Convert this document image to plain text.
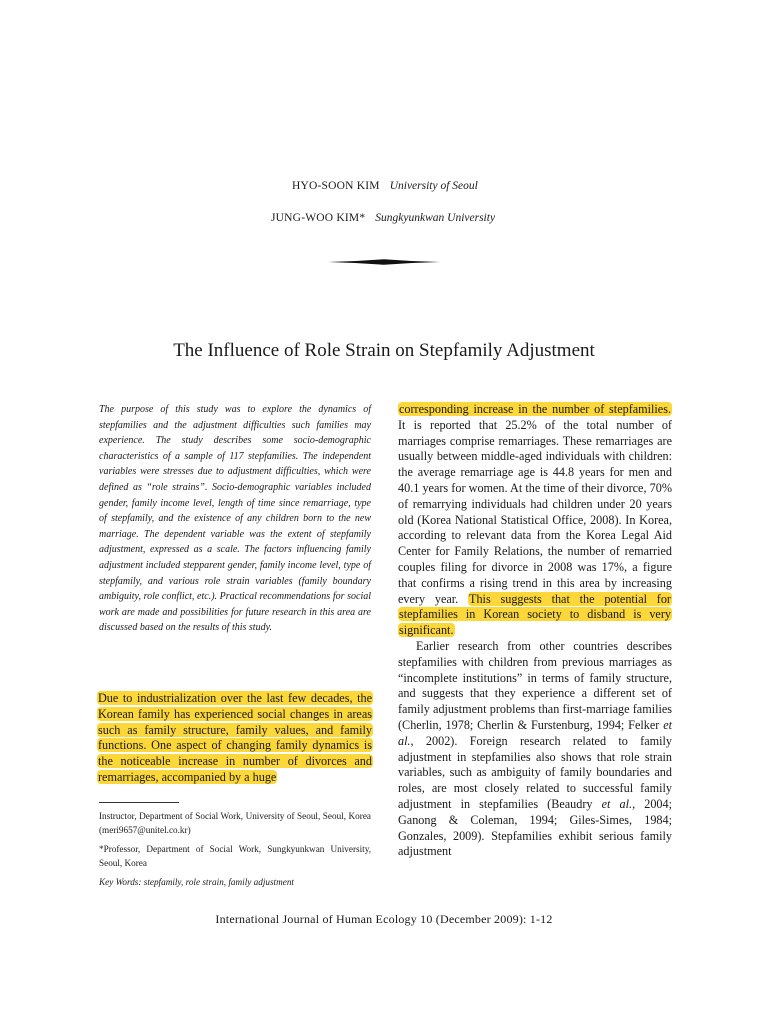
HYO-SOON KIM University of Seoul
JUNG-WOO KIM* Sungkyunkwan University
The Influence of Role Strain on Stepfamily Adjustment
The purpose of this study was to explore the dynamics of stepfamilies and the adjustment difficulties such families may experience. The study describes some socio-demographic characteristics of a sample of 117 stepfamilies. The independent variables were stresses due to adjustment difficulties, which were defined as “role strains”. Socio-demographic variables included gender, family income level, length of time since remarriage, type of stepfamily, and the existence of any children born to the new marriage. The dependent variable was the extent of stepfamily adjustment, expressed as a scale. The factors influencing family adjustment included stepparent gender, family income level, type of stepfamily, and various role strain variables (family boundary ambiguity, role conflict, etc.). Practical recommendations for social work are made and possibilities for future research in this area are discussed based on the results of this study.
Due to industrialization over the last few decades, the Korean family has experienced social changes in areas such as family structure, family values, and family functions. One aspect of changing family dynamics is the noticeable increase in number of divorces and remarriages, accompanied by a huge
Instructor, Department of Social Work, University of Seoul, Seoul, Korea (meri9657@unitel.co.kr)
*Professor, Department of Social Work, Sungkyunkwan University, Seoul, Korea
Key Words: stepfamily, role strain, family adjustment

corresponding increase in the number of stepfamilies. It is reported that 25.2% of the total number of marriages comprise remarriages. These remarriages are usually between middle-aged individuals with children: the average remarriage age is 44.8 years for men and 40.1 years for women. At the time of their divorce, 70% of remarrying individuals had children under 20 years old (Korea National Statistical Office, 2008). In Korea, according to relevant data from the Korea Legal Aid Center for Family Relations, the number of remarried couples filing for divorce in 2008 was 17%, a figure that confirms a rising trend in this area by increasing every year. This suggests that the potential for stepfamilies in Korean society to disband is very significant.

Earlier research from other countries describes stepfamilies with children from previous marriages as “incomplete institutions” in terms of family structure, and suggests that they experience a different set of family adjustment problems than first-marriage families (Cherlin, 1978; Cherlin & Furstenburg, 1994; Felker et al., 2002). Foreign research related to family adjustment in stepfamilies also shows that role strain variables, such as ambiguity of family boundaries and roles, are most closely related to successful family adjustment in stepfamilies (Beaudry et al., 2004; Ganong & Coleman, 1994; Giles-Simes, 1984; Gonzales, 2009). Stepfamilies exhibit serious family adjustment

International Journal of Human Ecology 10 (December 2009): 1-12
